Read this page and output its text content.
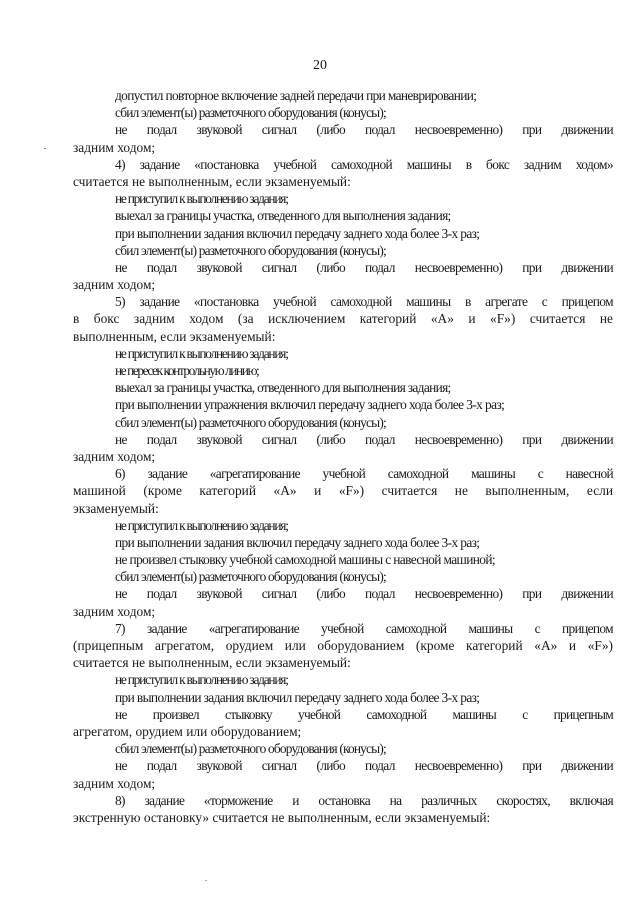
20
допустил повторное включение задней передачи при маневрировании;
сбил элемент(ы) разметочного оборудования (конусы);
не подал звуковой сигнал (либо подал несвоевременно) при движении
задним ходом;
4) задание «постановка учебной самоходной машины в бокс задним ходом»
считается не выполненным, если экзаменуемый:
не приступил к выполнению задания;
выехал за границы участка, отведенного для выполнения задания;
при выполнении задания включил передачу заднего хода более 3-х раз;
сбил элемент(ы) разметочного оборудования (конусы);
не подал звуковой сигнал (либо подал несвоевременно) при движении
задним ходом;
5) задание «постановка учебной самоходной машины в агрегате с прицепом
в бокс задним ходом (за исключением категорий «А» и «F») считается не
выполненным, если экзаменуемый:
не приступил к выполнению задания;
не пересек контрольную линию;
выехал за границы участка, отведенного для выполнения задания;
при выполнении упражнения включил передачу заднего хода более 3-х раз;
сбил элемент(ы) разметочного оборудования (конусы);
не подал звуковой сигнал (либо подал несвоевременно) при движении
задним ходом;
6) задание «агрегатирование учебной самоходной машины с навесной
машиной (кроме категорий «А» и «F») считается не выполненным, если
экзаменуемый:
не приступил к выполнению задания;
при выполнении задания включил передачу заднего хода более 3-х раз;
не произвел стыковку учебной самоходной машины с навесной машиной;
сбил элемент(ы) разметочного оборудования (конусы);
не подал звуковой сигнал (либо подал несвоевременно) при движении
задним ходом;
7) задание «агрегатирование учебной самоходной машины с прицепом
(прицепным агрегатом, орудием или оборудованием (кроме категорий «А» и «F»)
считается не выполненным, если экзаменуемый:
не приступил к выполнению задания;
при выполнении задания включил передачу заднего хода более 3-х раз;
не произвел стыковку учебной самоходной машины с прицепным
агрегатом, орудием или оборудованием;
сбил элемент(ы) разметочного оборудования (конусы);
не подал звуковой сигнал (либо подал несвоевременно) при движении
задним ходом;
8) задание «торможение и остановка на различных скоростях, включая
экстренную остановку» считается не выполненным, если экзаменуемый:
